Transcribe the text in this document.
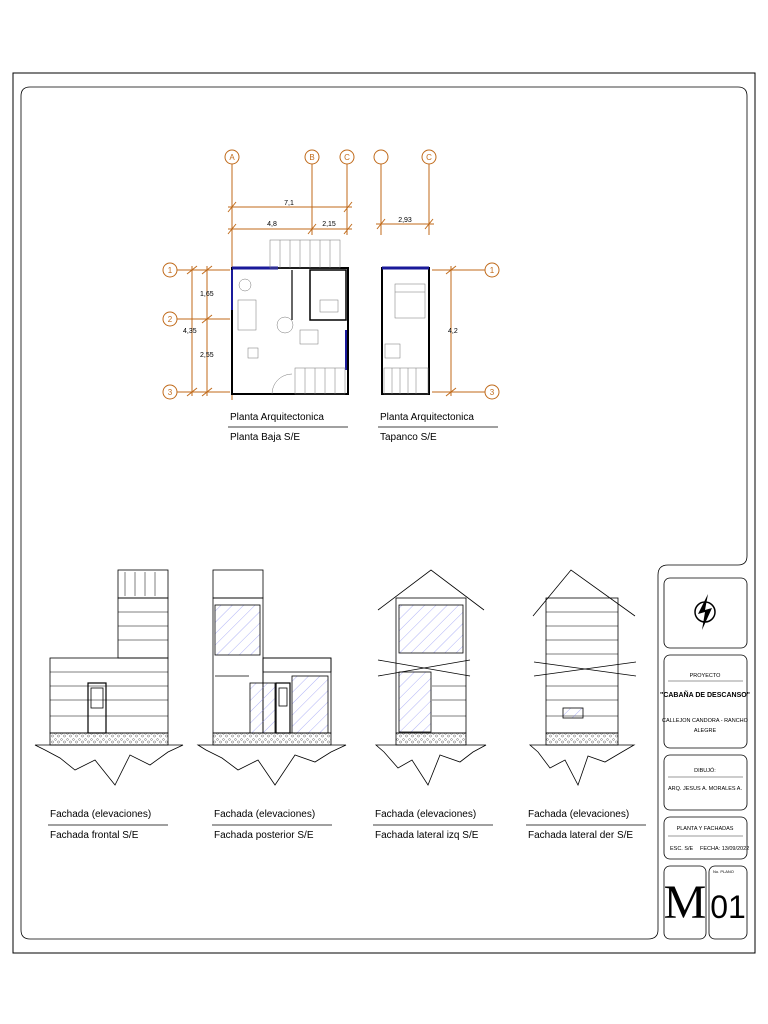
A	B	C
1
2
3
7,1
4,8	2,15
1,65
4,35
2,55
Planta Arquitectonica
Planta Baja S/E
C
1
3
2,93
4,2
Planta Arquitectonica
Tapanco S/E
Fachada (elevaciones)
Fachada frontal S/E
Fachada (elevaciones)
Fachada posterior S/E
Fachada (elevaciones)
Fachada lateral izq S/E
Fachada (elevaciones)
Fachada lateral der S/E
PROYECTO
"CABAÑA DE DESCANSO"
CALLEJON CANDORA - RANCHO
ALEGRE
DIBUJÓ:
ARQ. JESUS A. MORALES A.
PLANTA Y FACHADAS
ESC. S/E FECHA: 13/09/2022
M
No. PLANO
01
